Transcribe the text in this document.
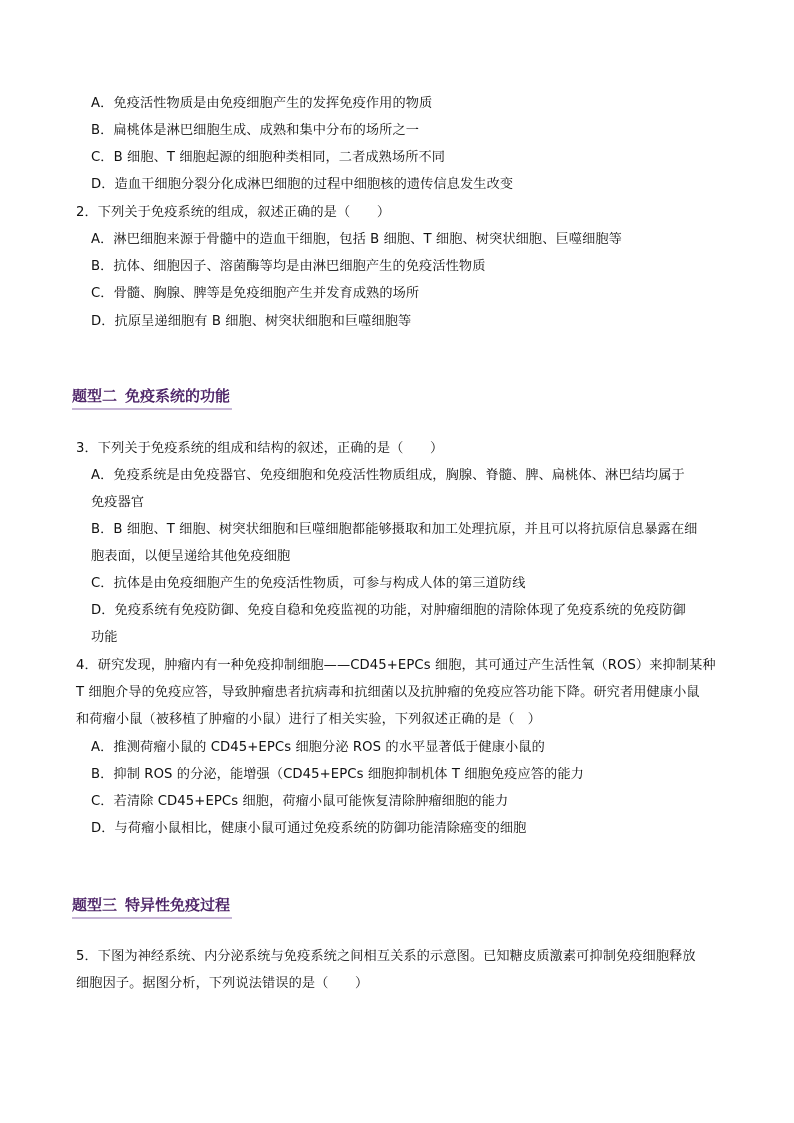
A．免疫活性物质是由免疫细胞产生的发挥免疫作用的物质
B．扁桃体是淋巴细胞生成、成熟和集中分布的场所之一
C．B 细胞、T 细胞起源的细胞种类相同，二者成熟场所不同
D．造血干细胞分裂分化成淋巴细胞的过程中细胞核的遗传信息发生改变
2．下列关于免疫系统的组成，叙述正确的是（　　）
A．淋巴细胞来源于骨髓中的造血干细胞，包括 B 细胞、T 细胞、树突状细胞、巨噬细胞等
B．抗体、细胞因子、溶菌酶等均是由淋巴细胞产生的免疫活性物质
C．骨髓、胸腺、脾等是免疫细胞产生并发育成熟的场所
D．抗原呈递细胞有 B 细胞、树突状细胞和巨噬细胞等
题型二 免疫系统的功能
3．下列关于免疫系统的组成和结构的叙述，正确的是（　　）
A．免疫系统是由免疫器官、免疫细胞和免疫活性物质组成，胸腺、脊髓、脾、扁桃体、淋巴结均属于
免疫器官
B．B 细胞、T 细胞、树突状细胞和巨噬细胞都能够摄取和加工处理抗原，并且可以将抗原信息暴露在细
胞表面，以便呈递给其他免疫细胞
C．抗体是由免疫细胞产生的免疫活性物质，可参与构成人体的第三道防线
D．免疫系统有免疫防御、免疫自稳和免疫监视的功能，对肿瘤细胞的清除体现了免疫系统的免疫防御
功能
4．研究发现，肿瘤内有一种免疫抑制细胞——CD45+EPCs 细胞，其可通过产生活性氧（ROS）来抑制某种
T 细胞介导的免疫应答，导致肿瘤患者抗病毒和抗细菌以及抗肿瘤的免疫应答功能下降。研究者用健康小鼠
和荷瘤小鼠（被移植了肿瘤的小鼠）进行了相关实验，下列叙述正确的是（　）
A．推测荷瘤小鼠的 CD45+EPCs 细胞分泌 ROS 的水平显著低于健康小鼠的
B．抑制 ROS 的分泌，能增强（CD45+EPCs 细胞抑制机体 T 细胞免疫应答的能力
C．若清除 CD45+EPCs 细胞，荷瘤小鼠可能恢复清除肿瘤细胞的能力
D．与荷瘤小鼠相比，健康小鼠可通过免疫系统的防御功能清除癌变的细胞
题型三 特异性免疫过程
5．下图为神经系统、内分泌系统与免疫系统之间相互关系的示意图。已知糖皮质激素可抑制免疫细胞释放
细胞因子。据图分析，下列说法错误的是（　　）
